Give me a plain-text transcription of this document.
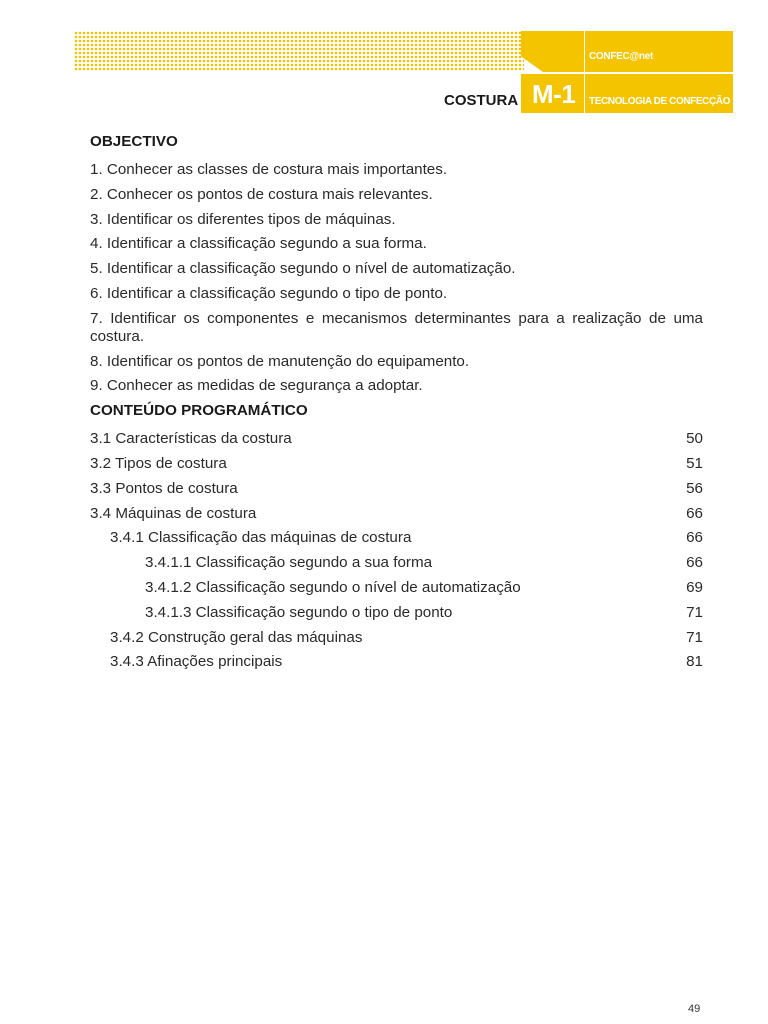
CONFEC@net
M-1 TECNOLOGIA DE CONFECÇÃO
COSTURA
OBJECTIVO
1. Conhecer as classes de costura mais importantes.
2. Conhecer os pontos de costura mais relevantes.
3. Identificar os diferentes tipos de máquinas.
4. Identificar a classificação segundo a sua forma.
5. Identificar a classificação segundo o nível de automatização.
6. Identificar a classificação segundo o tipo de ponto.
7. Identificar os componentes e mecanismos determinantes para a realização de uma costura.
8. Identificar os pontos de manutenção do equipamento.
9. Conhecer as medidas de segurança a adoptar.
CONTEÚDO PROGRAMÁTICO
3.1 Características da costura	50
3.2 Tipos de costura	51
3.3 Pontos de costura	56
3.4 Máquinas de costura	66
3.4.1 Classificação das máquinas de costura	66
3.4.1.1 Classificação segundo a sua forma	66
3.4.1.2 Classificação segundo o nível de automatização	69
3.4.1.3 Classificação segundo o tipo de ponto	71
3.4.2 Construção geral das máquinas	71
3.4.3 Afinações principais	81
49
